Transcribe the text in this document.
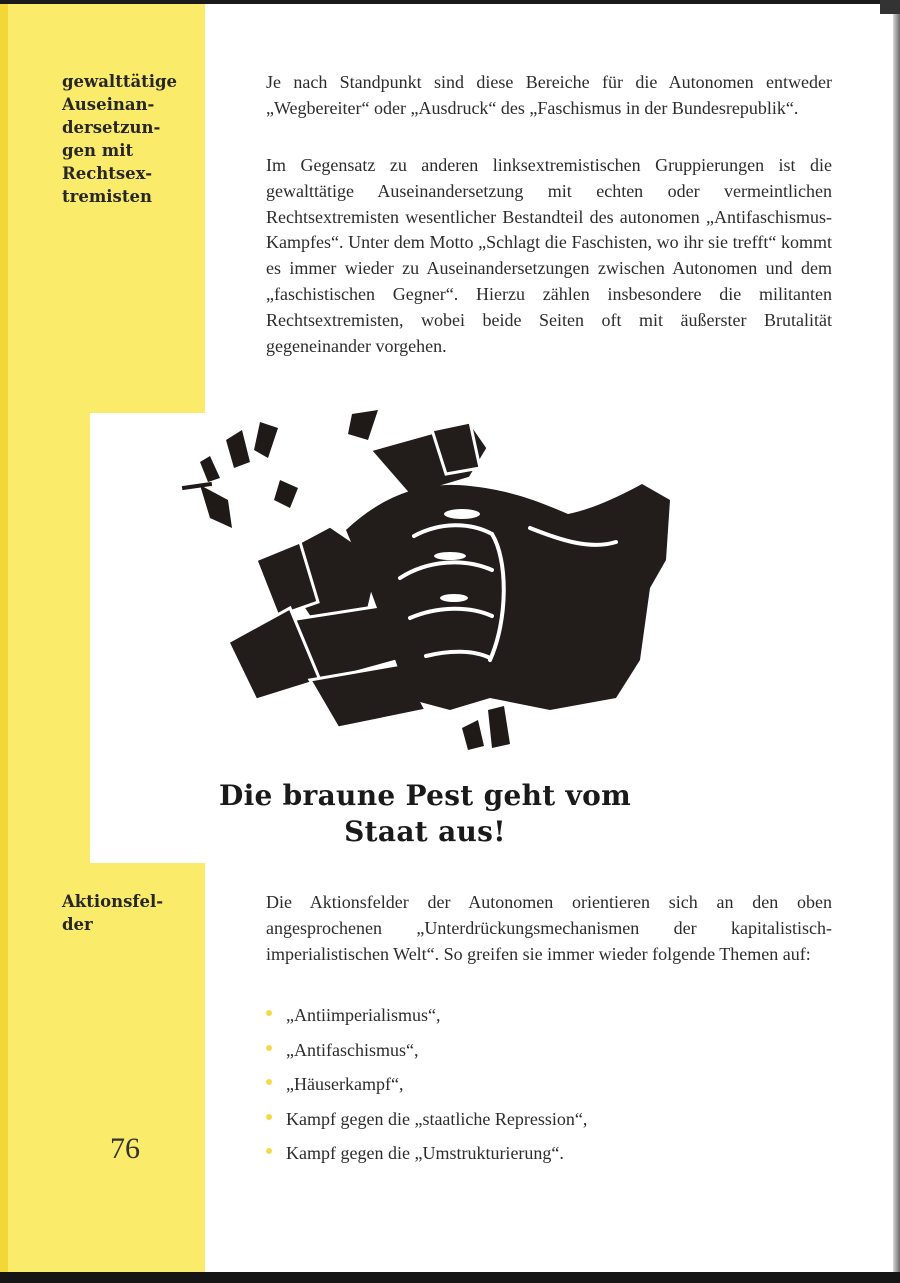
gewalttätige
Auseinan-
dersetzun-
gen mit
Rechtsex-
tremisten

Je nach Standpunkt sind diese Bereiche für die Autonomen entweder „Wegbereiter“ oder „Ausdruck“ des „Faschismus in der Bundesrepublik“.

Im Gegensatz zu anderen linksextremistischen Gruppierungen ist die gewalttätige Auseinandersetzung mit echten oder vermeintlichen Rechtsextremisten wesentlicher Bestandteil des autonomen „Antifaschismus-Kampfes“. Unter dem Motto „Schlagt die Faschisten, wo ihr sie trefft“ kommt es immer wieder zu Auseinandersetzungen zwischen Autonomen und dem „faschistischen Gegner“. Hierzu zählen insbesondere die militanten Rechtsextremisten, wobei beide Seiten oft mit äußerster Brutalität gegeneinander vorgehen.

Die braune Pest geht vom
Staat aus!
Aktionsfel-
der

Die Aktionsfelder der Autonomen orientieren sich an den oben angesprochenen „Unterdrückungsmechanismen der kapitalistisch-imperialistischen Welt“. So greifen sie immer wieder folgende Themen auf:

„Antiimperialismus“,
„Antifaschismus“,
„Häuserkampf“,
Kampf gegen die „staatliche Repression“,
Kampf gegen die „Umstrukturierung“.
76
